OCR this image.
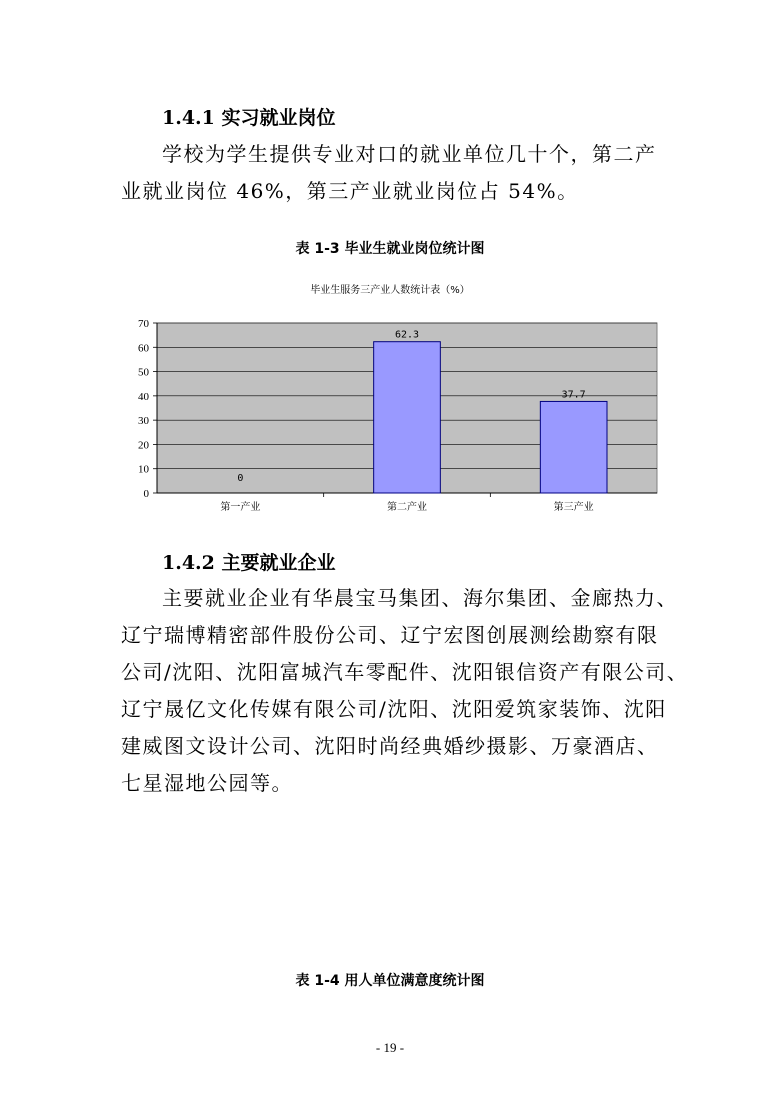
1.4.1 实习就业岗位
学校为学生提供专业对口的就业单位几十个，第二产
业就业岗位 46%，第三产业就业岗位占 54%。
表 1-3 毕业生就业岗位统计图
毕业生服务三产业人数统计表（%）
0
10
20
30
40
50
60
70
0
第一产业
62.3
第二产业
37.7
第三产业
1.4.2 主要就业企业
主要就业企业有华晨宝马集团、海尔集团、金廊热力、
辽宁瑞博精密部件股份公司、辽宁宏图创展测绘勘察有限
公司/沈阳、沈阳富城汽车零配件、沈阳银信资产有限公司、
辽宁晟亿文化传媒有限公司/沈阳、沈阳爱筑家装饰、沈阳
建威图文设计公司、沈阳时尚经典婚纱摄影、万豪酒店、
七星湿地公园等。
表 1-4 用人单位满意度统计图
- 19 -
